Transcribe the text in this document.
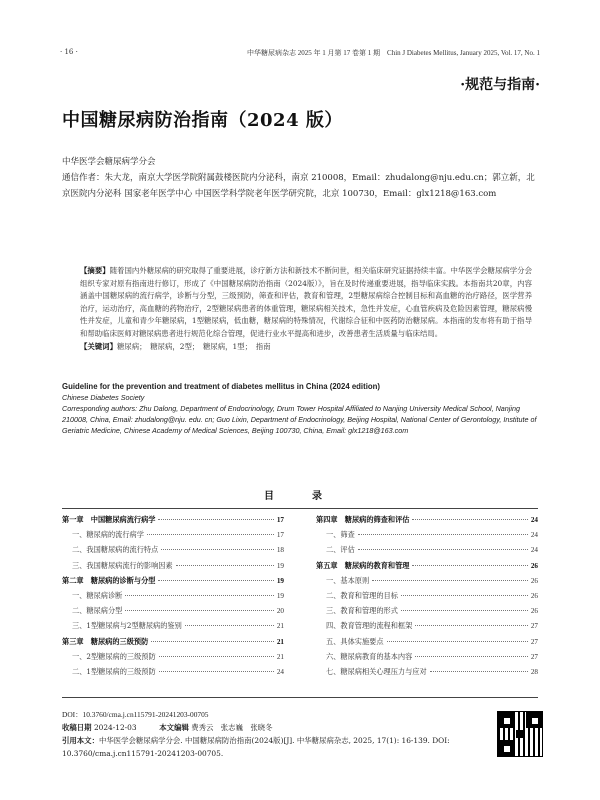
· 16 ·	中华糖尿病杂志 2025 年 1 月第 17 卷第 1 期　Chin J Diabetes Mellitus, January 2025, Vol. 17, No. 1
·规范与指南·
中国糖尿病防治指南（2024 版）
中华医学会糖尿病学分会
通信作者：朱大龙，南京大学医学院附属鼓楼医院内分泌科，南京 210008，Email：zhudalong@nju.edu.cn；郭立新，北京医院内分泌科 国家老年医学中心 中国医学科学院老年医学研究院，北京 100730，Email：glx1218@163.com
【摘要】随着国内外糖尿病的研究取得了重要进展，诊疗新方法和新技术不断问世，相关临床研究证据持续丰富。中华医学会糖尿病学分会组织专家对原有指南进行修订，形成了《中国糖尿病防治指南（2024版）》，旨在及时传递重要进展，指导临床实践。本指南共20章，内容涵盖中国糖尿病的流行病学，诊断与分型，三级预防，筛查和评估，教育和管理，2型糖尿病综合控制目标和高血糖的治疗路径，医学营养治疗，运动治疗，高血糖的药物治疗，2型糖尿病患者的体重管理，糖尿病相关技术，急性并发症，心血管疾病及危险因素管理，糖尿病慢性并发症，儿童和青少年糖尿病，1型糖尿病，低血糖，糖尿病的特殊情况，代谢综合征和中医药防治糖尿病。本指南的发布将有助于指导和帮助临床医师对糖尿病患者进行规范化综合管理，促进行业水平提高和进步，改善患者生活质量与临床结局。
【关键词】糖尿病；　糖尿病，2型；　糖尿病，1型；　指南
Guideline for the prevention and treatment of diabetes mellitus in China (2024 edition)
Chinese Diabetes Society
Corresponding authors: Zhu Dalong, Department of Endocrinology, Drum Tower Hospital Affiliated to Nanjing University Medical School, Nanjing 210008, China, Email: zhudalong@nju. edu. cn; Guo Lixin, Department of Endocrinology, Beijing Hospital, National Center of Gerontology, Institute of Geriatric Medicine, Chinese Academy of Medical Sciences, Beijing 100730, China, Email: glx1218@163.com
目　录
第一章　中国糖尿病流行病学	17
一、糖尿病的流行病学	17
二、我国糖尿病的流行特点	18
三、我国糖尿病流行的影响因素	19
第二章　糖尿病的诊断与分型	19
一、糖尿病诊断	19
二、糖尿病分型	20
三、1型糖尿病与2型糖尿病的鉴别	21
第三章　糖尿病的三级预防	21
一、2型糖尿病的三级预防	21
二、1型糖尿病的三级预防	24
第四章　糖尿病的筛查和评估	24
一、筛查	24
二、评估	24
第五章　糖尿病的教育和管理	26
一、基本原则	26
二、教育和管理的目标	26
三、教育和管理的形式	26
四、教育管理的流程和框架	27
五、具体实施要点	27
六、糖尿病教育的基本内容	27
七、糖尿病相关心理压力与应对	28
DOI：10.3760/cma.j.cn115791-20241203-00705
收稿日期 2024-12-03	本文编辑 费秀云　张志巍　张晓冬
引用本文：中华医学会糖尿病学分会. 中国糖尿病防治指南(2024版)[J]. 中华糖尿病杂志, 2025, 17(1): 16-139. DOI: 10.3760/cma.j.cn115791-20241203-00705.
